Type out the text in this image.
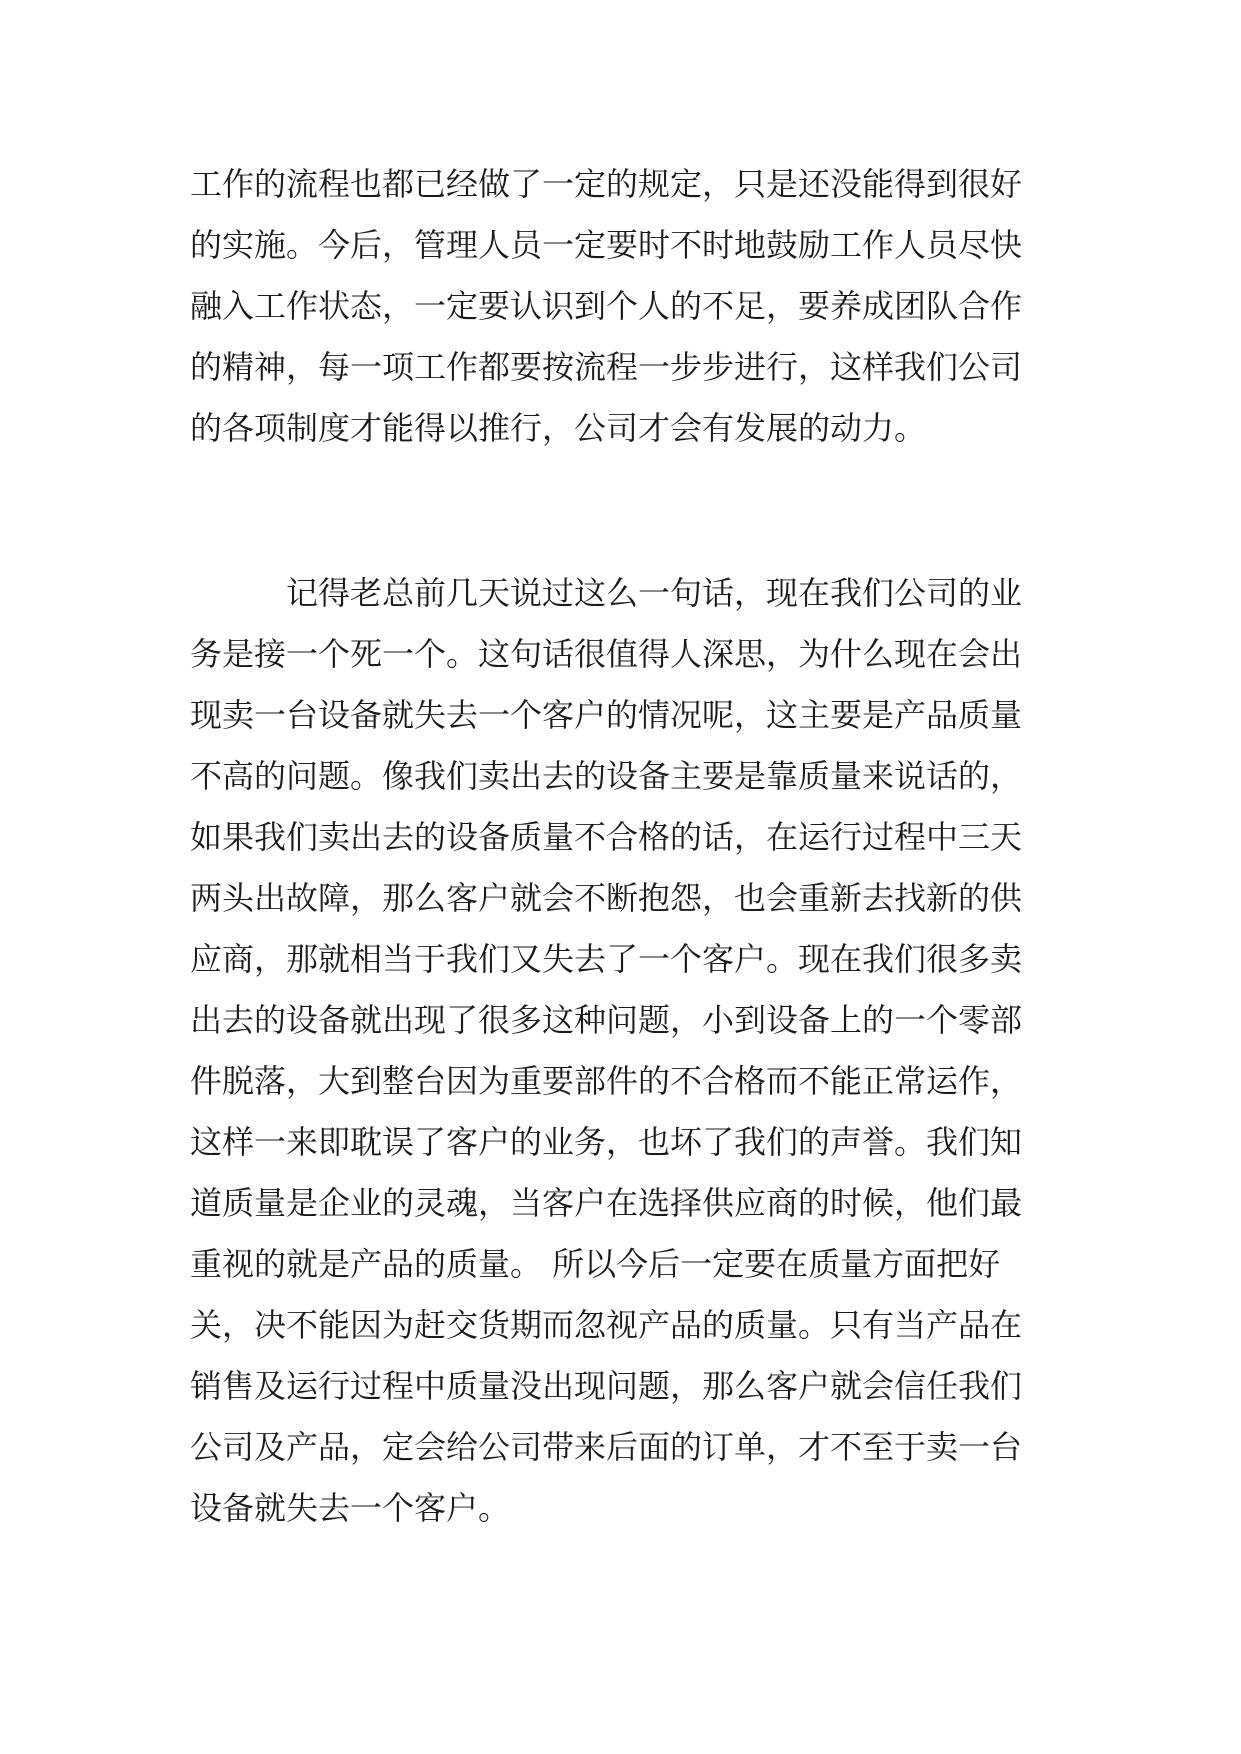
工作的流程也都已经做了一定的规定，只是还没能得到很好
的实施。今后，管理人员一定要时不时地鼓励工作人员尽快
融入工作状态，一定要认识到个人的不足，要养成团队合作
的精神，每一项工作都要按流程一步步进行，这样我们公司
的各项制度才能得以推行，公司才会有发展的动力。
　　　记得老总前几天说过这么一句话，现在我们公司的业
务是接一个死一个。这句话很值得人深思，为什么现在会出
现卖一台设备就失去一个客户的情况呢，这主要是产品质量
不高的问题。像我们卖出去的设备主要是靠质量来说话的，
如果我们卖出去的设备质量不合格的话，在运行过程中三天
两头出故障，那么客户就会不断抱怨，也会重新去找新的供
应商，那就相当于我们又失去了一个客户。现在我们很多卖
出去的设备就出现了很多这种问题，小到设备上的一个零部
件脱落，大到整台因为重要部件的不合格而不能正常运作，
这样一来即耽误了客户的业务，也坏了我们的声誉。我们知
道质量是企业的灵魂，当客户在选择供应商的时候，他们最
重视的就是产品的质量。 所以今后一定要在质量方面把好
关，决不能因为赶交货期而忽视产品的质量。只有当产品在
销售及运行过程中质量没出现问题，那么客户就会信任我们
公司及产品，定会给公司带来后面的订单，才不至于卖一台
设备就失去一个客户。
